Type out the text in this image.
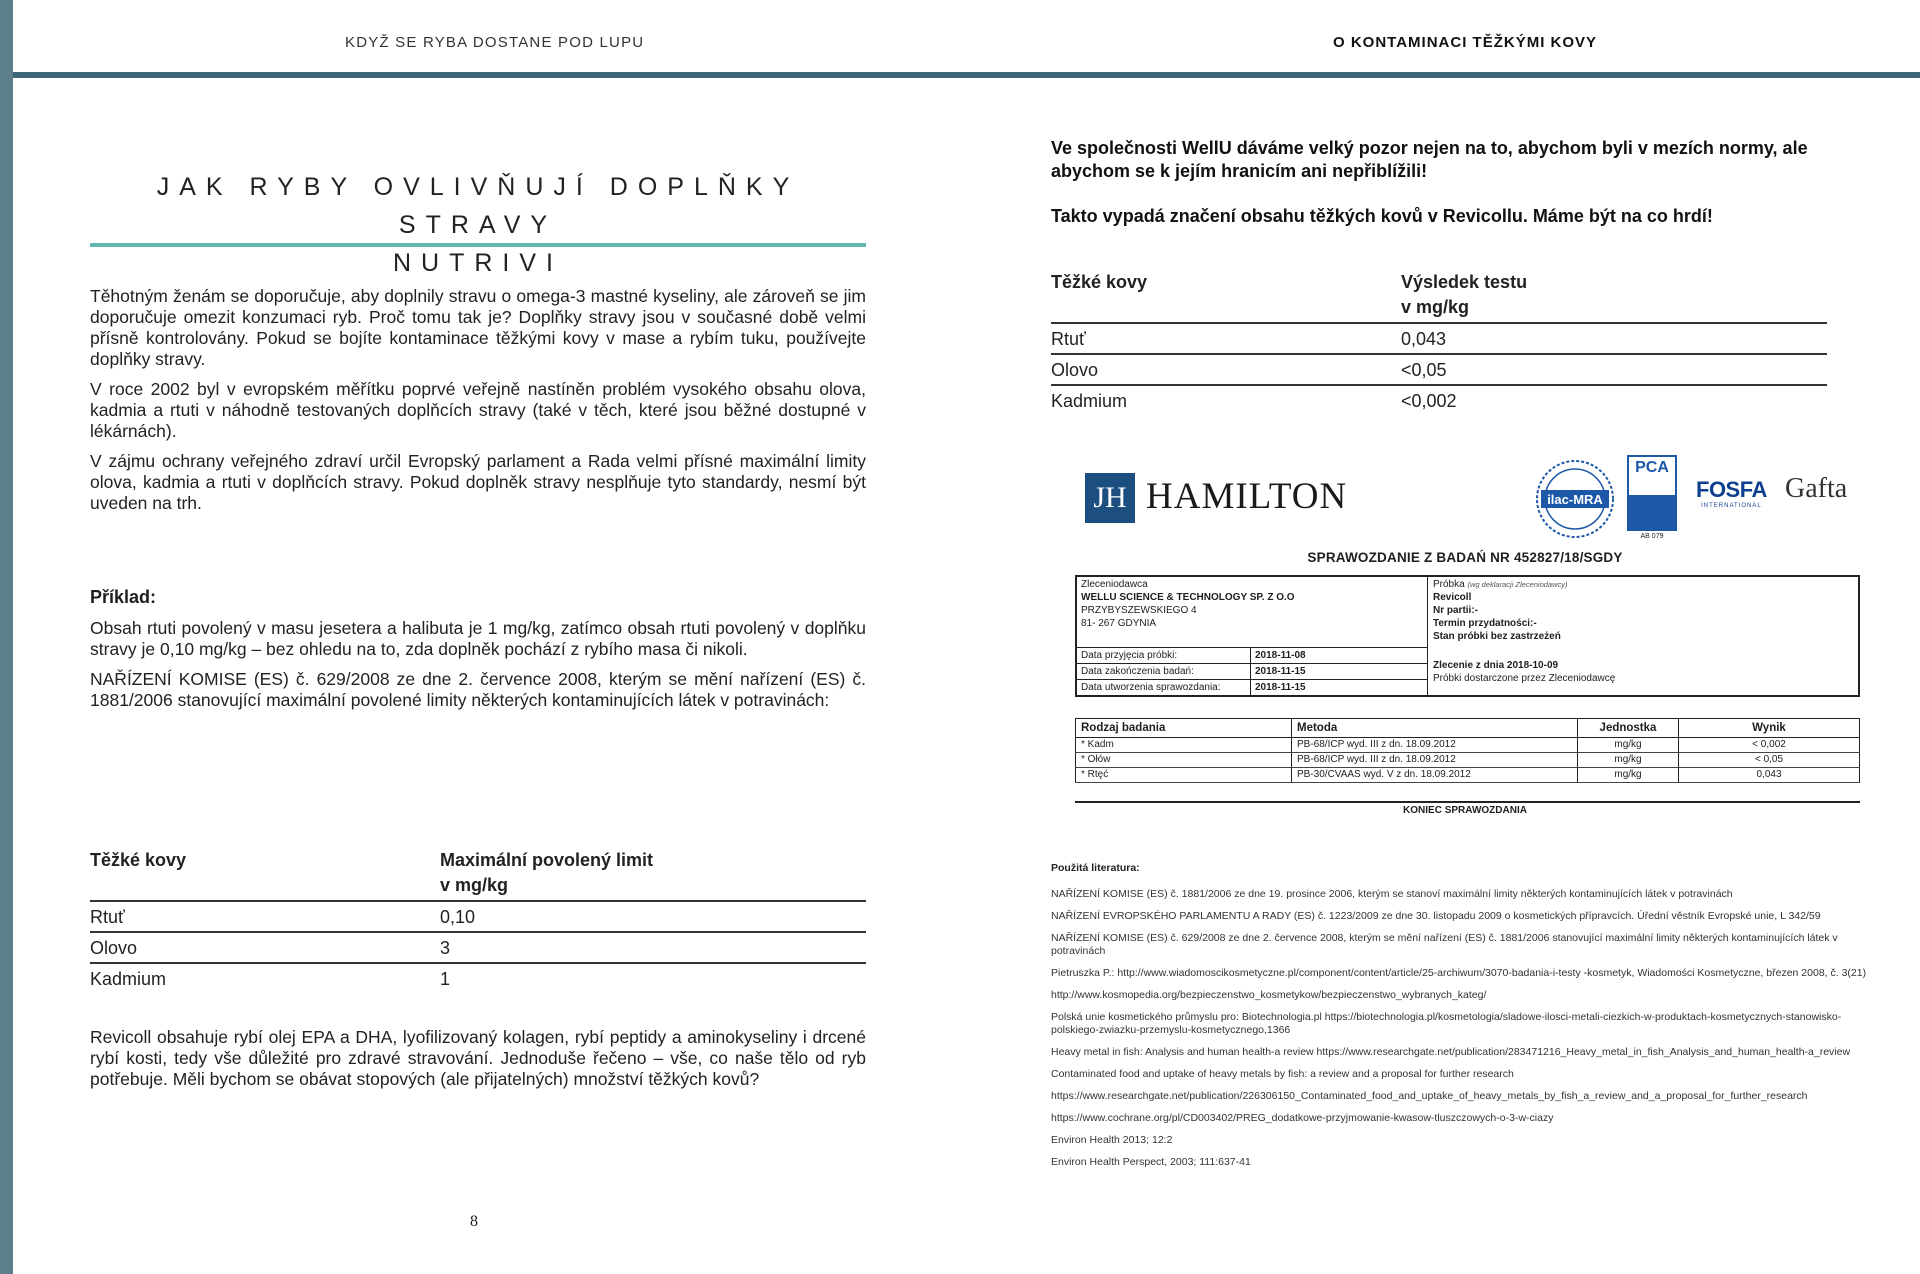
KDYŽ SE RYBA DOSTANE POD LUPU	O KONTAMINACI TĚŽKÝMI KOVY
JAK RYBY OVLIVŇUJÍ DOPLŇKY STRAVY
NUTRIVI

Těhotným ženám se doporučuje, aby doplnily stravu o omega-3 mastné kyseliny, ale zároveň se jim doporučuje omezit konzumaci ryb. Proč tomu tak je? Doplňky stravy jsou v současné době velmi přísně kontrolovány. Pokud se bojíte kontaminace těžkými kovy v mase a rybím tuku, používejte doplňky stravy.

V roce 2002 byl v evropském měřítku poprvé veřejně nastíněn problém vysokého obsahu olova, kadmia a rtuti v náhodně testovaných doplňcích stravy (také v těch, které jsou běžné dostupné v lékárnách).

V zájmu ochrany veřejného zdraví určil Evropský parlament a Rada velmi přísné maximální limity olova, kadmia a rtuti v doplňcích stravy. Pokud doplněk stravy nesplňuje tyto standardy, nesmí být uveden na trh.

Příklad:

Obsah rtuti povolený v masu jesetera a halibuta je 1 mg/kg, zatímco obsah rtuti povolený v doplňku stravy je 0,10 mg/kg – bez ohledu na to, zda doplněk pochází z rybího masa či nikoli.

NAŘÍZENÍ KOMISE (ES) č. 629/2008 ze dne 2. července 2008, kterým se mění nařízení (ES) č. 1881/2006 stanovující maximální povolené limity některých kontaminujících látek v potravinách:

Těžké kovy	Maximální povolený limit
v mg/kg
Rtuť	0,10
Olovo	3
Kadmium	1

Revicoll obsahuje rybí olej EPA a DHA, lyofilizovaný kolagen, rybí peptidy a aminokyseliny i drcené rybí kosti, tedy vše důležité pro zdravé stravování. Jednoduše řečeno – vše, co naše tělo od ryb potřebuje. Měli bychom se obávat stopových (ale přijatelných) množství těžkých kovů?

8
Ve společnosti WellU dáváme velký pozor nejen na to, abychom byli v mezích normy, ale abychom se k jejím hranicím ani nepřiblížili!
Takto vypadá značení obsahu těžkých kovů v Revicollu. Máme být na co hrdí!
Těžké kovy	Výsledek testu
v mg/kg
Rtuť	0,043
Olovo	<0,05
Kadmium	<0,002
JH HAMILTON	ilac-MRA
PCA
AB 079
FOSFA
INTERNATIONAL
Gafta
SPRAWOZDANIE Z BADAŃ NR 452827/18/SGDY
Zleceniodawca
WELLU SCIENCE & TECHNOLOGY SP. Z O.O
PRZYBYSZEWSKIEGO 4
81- 267 GDYNIA
Data przyjęcia próbki:	2018-11-08
Data zakończenia badań:	2018-11-15
Data utworzenia sprawozdania:	2018-11-15
Próbka (wg deklaracji Zleceniodawcy)
Revicoll
Nr partii:-
Termin przydatności:-
Stan próbki bez zastrzeżeń
Zlecenie z dnia 2018-10-09
Próbki dostarczone przez Zleceniodawcę
Rodzaj badania	Metoda	Jednostka	Wynik
* Kadm	PB-68/ICP wyd. III z dn. 18.09.2012	mg/kg	< 0,002
* Ołów	PB-68/ICP wyd. III z dn. 18.09.2012	mg/kg	< 0,05
* Rtęć	PB-30/CVAAS wyd. V z dn. 18.09.2012	mg/kg	0,043
KONIEC SPRAWOZDANIA

Použitá literatura:

NAŘÍZENÍ KOMISE (ES) č. 1881/2006 ze dne 19. prosince 2006, kterým se stanoví maximální limity některých kontaminujících látek v potravinách

NAŘÍZENÍ EVROPSKÉHO PARLAMENTU A RADY (ES) č. 1223/2009 ze dne 30. listopadu 2009 o kosmetických přípravcích. Úřední věstník Evropské unie, L 342/59

NAŘÍZENÍ KOMISE (ES) č. 629/2008 ze dne 2. července 2008, kterým se mění nařízení (ES) č. 1881/2006 stanovující maximální limity některých kontaminujících látek v potravinách

Pietruszka P.: http://www.wiadomoscikosmetyczne.pl/component/content/article/25-archiwum/3070-badania-i-testy -kosmetyk, Wiadomości Kosmetyczne, březen 2008, č. 3(21)

http://www.kosmopedia.org/bezpieczenstwo_kosmetykow/bezpieczenstwo_wybranych_kateg/

Polská unie kosmetického průmyslu pro: Biotechnologia.pl https://biotechnologia.pl/kosmetologia/sladowe-ilosci-metali-ciezkich-w-produktach-kosmetycznych-stanowisko-polskiego-zwiazku-przemyslu-kosmetycznego,1366

Heavy metal in fish: Analysis and human health-a review https://www.researchgate.net/publication/283471216_Heavy_metal_in_fish_Analysis_and_human_health-a_review

Contaminated food and uptake of heavy metals by fish: a review and a proposal for further research

https://www.researchgate.net/publication/226306150_Contaminated_food_and_uptake_of_heavy_metals_by_fish_a_review_and_a_proposal_for_further_research

https://www.cochrane.org/pl/CD003402/PREG_dodatkowe-przyjmowanie-kwasow-tluszczowych-o-3-w-ciazy

Environ Health 2013; 12:2

Environ Health Perspect, 2003; 111:637-41
